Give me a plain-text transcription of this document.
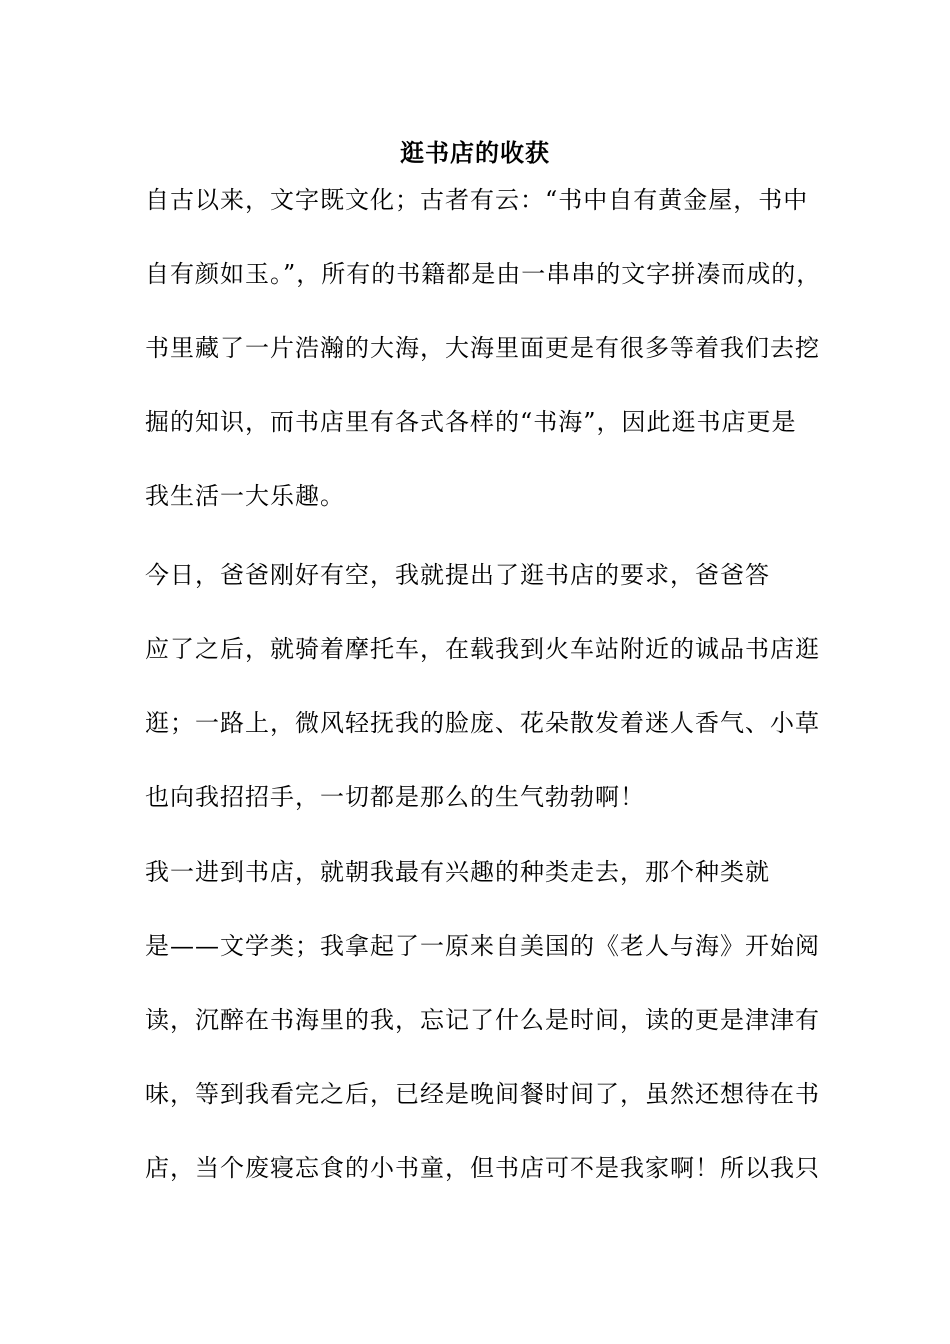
逛书店的收获
自古以来，文字既文化；古者有云：“书中自有黄金屋，书中
自有颜如玉。”，所有的书籍都是由一串串的文字拼凑而成的，
书里藏了一片浩瀚的大海，大海里面更是有很多等着我们去挖
掘的知识，而书店里有各式各样的“书海”，因此逛书店更是
我生活一大乐趣。
今日，爸爸刚好有空，我就提出了逛书店的要求，爸爸答
应了之后，就骑着摩托车，在载我到火车站附近的诚品书店逛
逛；一路上，微风轻抚我的脸庞、花朵散发着迷人香气、小草
也向我招招手，一切都是那么的生气勃勃啊！
我一进到书店，就朝我最有兴趣的种类走去，那个种类就
是——文学类；我拿起了一原来自美国的《老人与海》开始阅
读，沉醉在书海里的我，忘记了什么是时间，读的更是津津有
味，等到我看完之后，已经是晚间餐时间了，虽然还想待在书
店，当个废寝忘食的小书童，但书店可不是我家啊！所以我只
